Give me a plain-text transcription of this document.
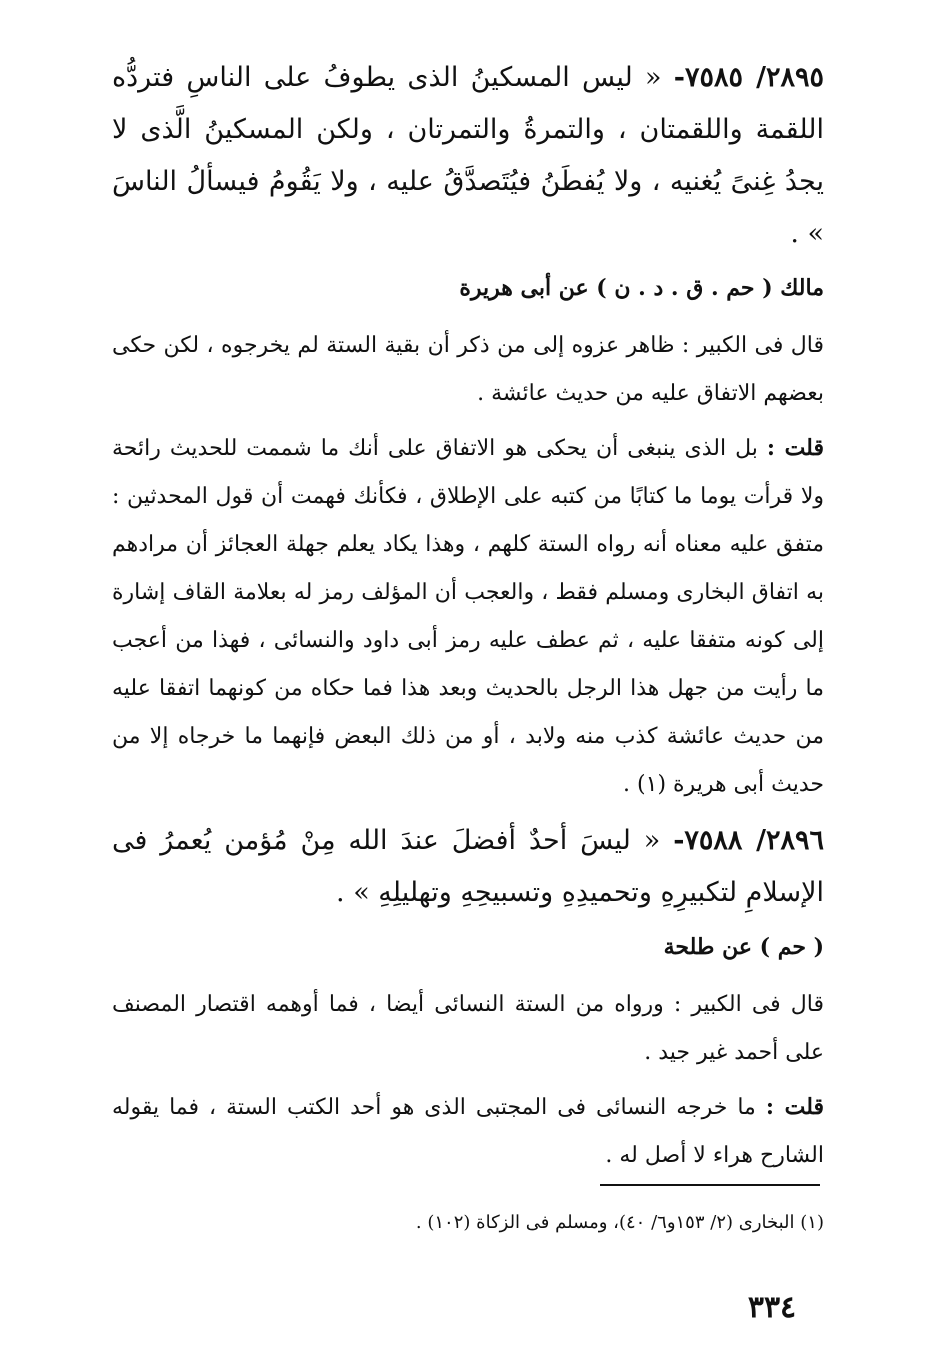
٢٨٩٥/ ٧٥٨٥- « ليس المسكينُ الذى يطوفُ على الناسِ فتردُّه اللقمة واللقمتان ، والتمرةُ والتمرتان ، ولكن المسكينُ الَّذى لا يجدُ غِنىً يُغنيه ، ولا يُفطَنُ فيُتَصدَّقُ عليه ، ولا يَقُومُ فيسألُ الناسَ » .

مالك ( حم . ق . د . ن ) عن أبى هريرة

قال فى الكبير : ظاهر عزوه إلى من ذكر أن بقية الستة لم يخرجوه ، لكن حكى بعضهم الاتفاق عليه من حديث عائشة .

قلت : بل الذى ينبغى أن يحكى هو الاتفاق على أنك ما شممت للحديث رائحة ولا قرأت يوما ما كتابًا من كتبه على الإطلاق ، فكأنك فهمت أن قول المحدثين : متفق عليه معناه أنه رواه الستة كلهم ، وهذا يكاد يعلم جهلة العجائز أن مرادهم به اتفاق البخارى ومسلم فقط ، والعجب أن المؤلف رمز له بعلامة القاف إشارة إلى كونه متفقا عليه ، ثم عطف عليه رمز أبى داود والنسائى ، فهذا من أعجب ما رأيت من جهل هذا الرجل بالحديث وبعد هذا فما حكاه من كونهما اتفقا عليه من حديث عائشة كذب منه ولابد ، أو من ذلك البعض فإنهما ما خرجاه إلا من حديث أبى هريرة (١) .

٢٨٩٦/ ٧٥٨٨- « ليسَ أحدٌ أفضلَ عندَ الله مِنْ مُؤمن يُعمرُ فى الإسلامِ لتكبيرِهِ وتحميدِهِ وتسبيحِهِ وتهليلِهِ » .

( حم ) عن طلحة

قال فى الكبير : ورواه من الستة النسائى أيضا ، فما أوهمه اقتصار المصنف على أحمد غير جيد .

قلت : ما خرجه النسائى فى المجتبى الذى هو أحد الكتب الستة ، فما يقوله الشارح هراء لا أصل له .

(١) البخارى (٢/ ١٥٣و٦/ ٤٠)، ومسلم فى الزكاة (١٠٢) .
٣٣٤
